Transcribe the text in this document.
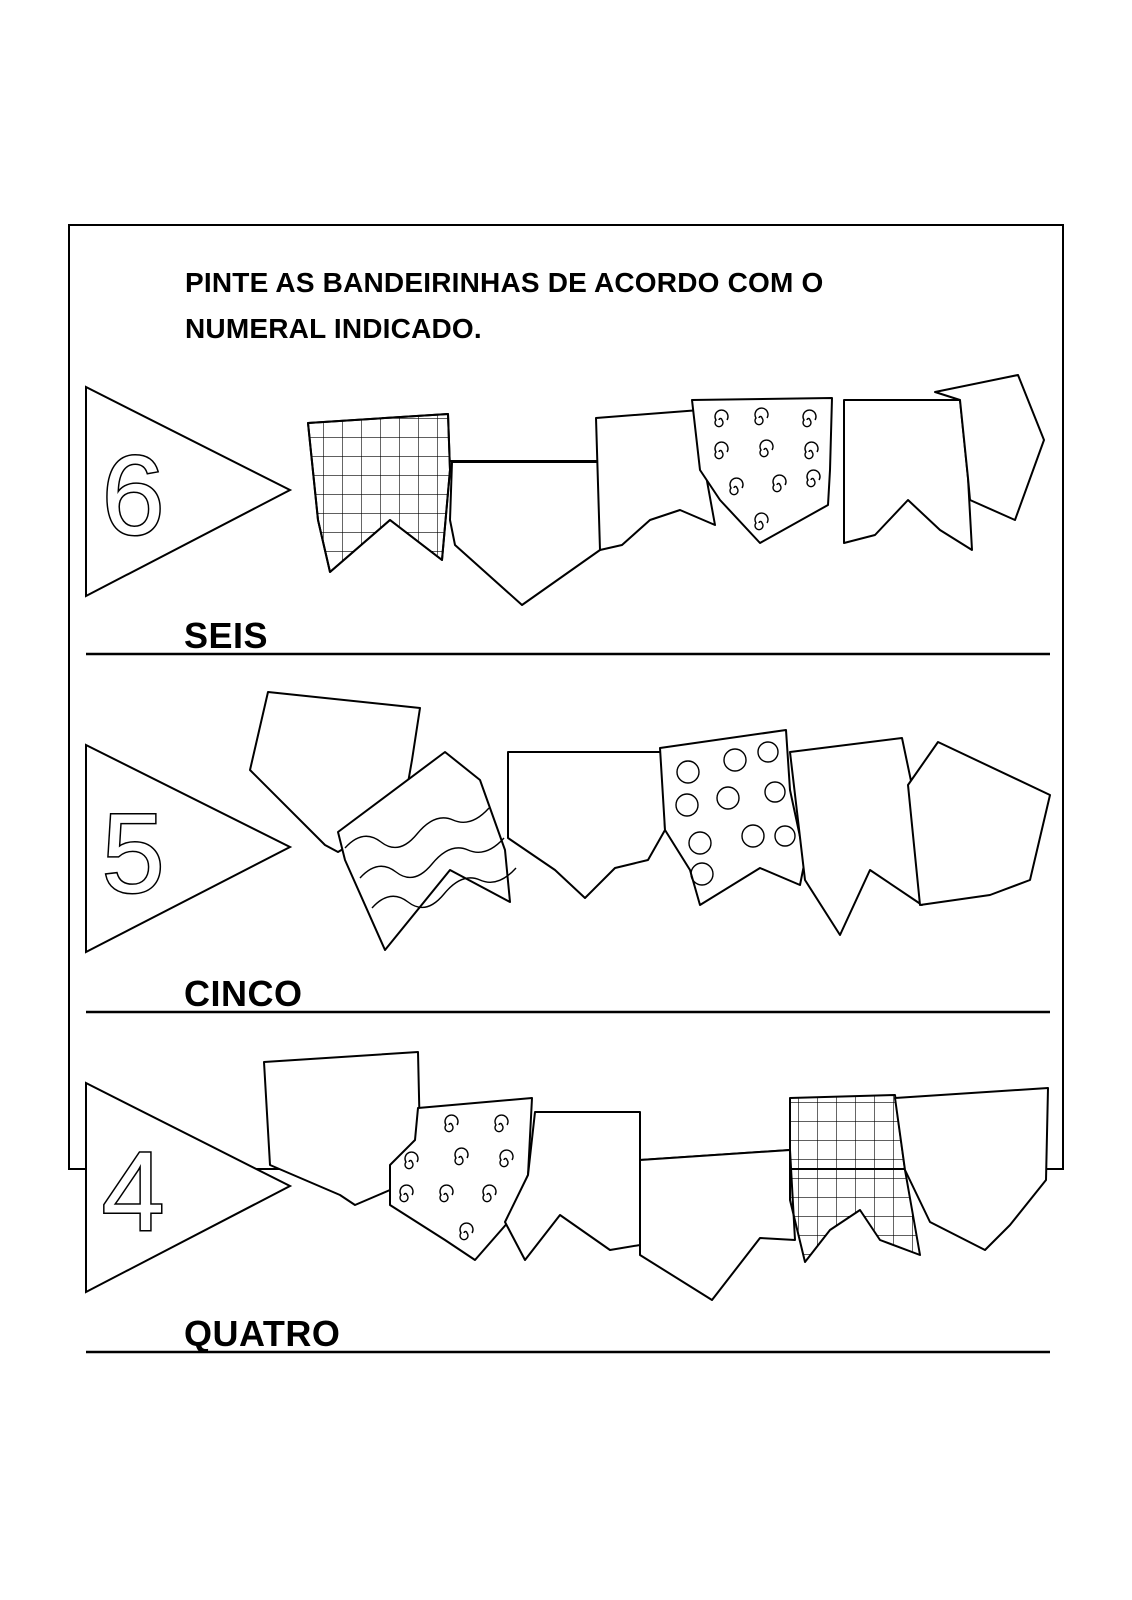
PINTE AS BANDEIRINHAS DE ACORDO COM O
NUMERAL INDICADO.
6
SEIS
5
CINCO
4
QUATRO
